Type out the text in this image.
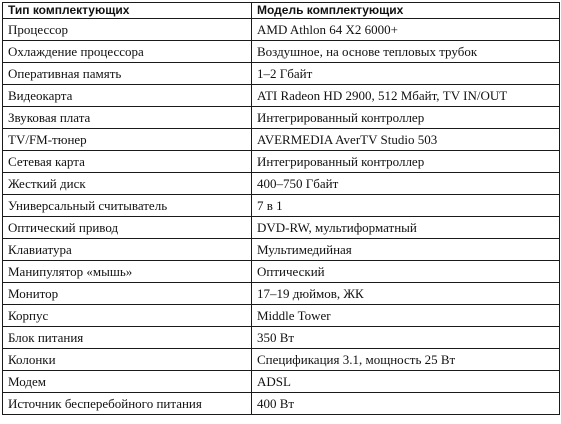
Тип комплектующих	Модель комплектующих
Процессор	AMD Athlon 64 X2 6000+
Охлаждение процессора	Воздушное, на основе тепловых трубок
Оперативная память	1–2 Гбайт
Видеокарта	ATI Radeon HD 2900, 512 Мбайт, TV IN/OUT
Звуковая плата	Интегрированный контроллер
TV/FM-тюнер	AVERMEDIA AverTV Studio 503
Сетевая карта	Интегрированный контроллер
Жесткий диск	400–750 Гбайт
Универсальный считыватель	7 в 1
Оптический привод	DVD-RW, мультиформатный
Клавиатура	Мультимедийная
Манипулятор «мышь»	Оптический
Монитор	17–19 дюймов, ЖК
Корпус	Middle Tower
Блок питания	350 Вт
Колонки	Спецификация 3.1, мощность 25 Вт
Модем	ADSL
Источник бесперебойного питания	400 Вт
